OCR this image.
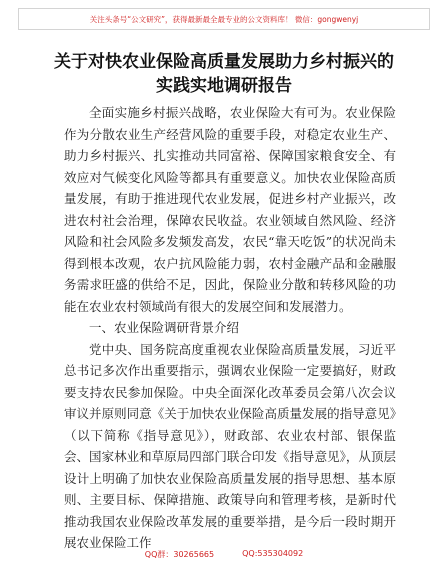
关注头条号“公文研究”，获得最新最全最专业的公文资料库！ 微信：gongwenyj
关于对快农业保险高质量发展助力乡村振兴的
实践实地调研报告

全面实施乡村振兴战略，农业保险大有可为。农业保险作为分散农业生产经营风险的重要手段，对稳定农业生产、助力乡村振兴、扎实推动共同富裕、保障国家粮食安全、有效应对气候变化风险等都具有重要意义。加快农业保险高质量发展，有助于推进现代农业发展，促进乡村产业振兴，改进农村社会治理，保障农民收益。农业领域自然风险、经济风险和社会风险多发频发高发，农民“靠天吃饭”的状况尚未得到根本改观，农户抗风险能力弱，农村金融产品和金融服务需求旺盛的供给不足，因此，保险业分散和转移风险的功能在农业农村领域尚有很大的发展空间和发展潜力。

一、农业保险调研背景介绍

党中央、国务院高度重视农业保险高质量发展，习近平总书记多次作出重要指示，强调农业保险一定要搞好，财政要支持农民参加保险。中央全面深化改革委员会第八次会议审议并原则同意《关于加快农业保险高质量发展的指导意见》（以下简称《指导意见》），财政部、农业农村部、银保监会、国家林业和草原局四部门联合印发《指导意见》，从顶层设计上明确了加快农业保险高质量发展的指导思想、基本原则、主要目标、保障措施、政策导向和管理考核，是新时代推动我国农业保险改革发展的重要举措，是今后一段时期开展农业保险工作

QQ群：30265665	QQ:535304092
